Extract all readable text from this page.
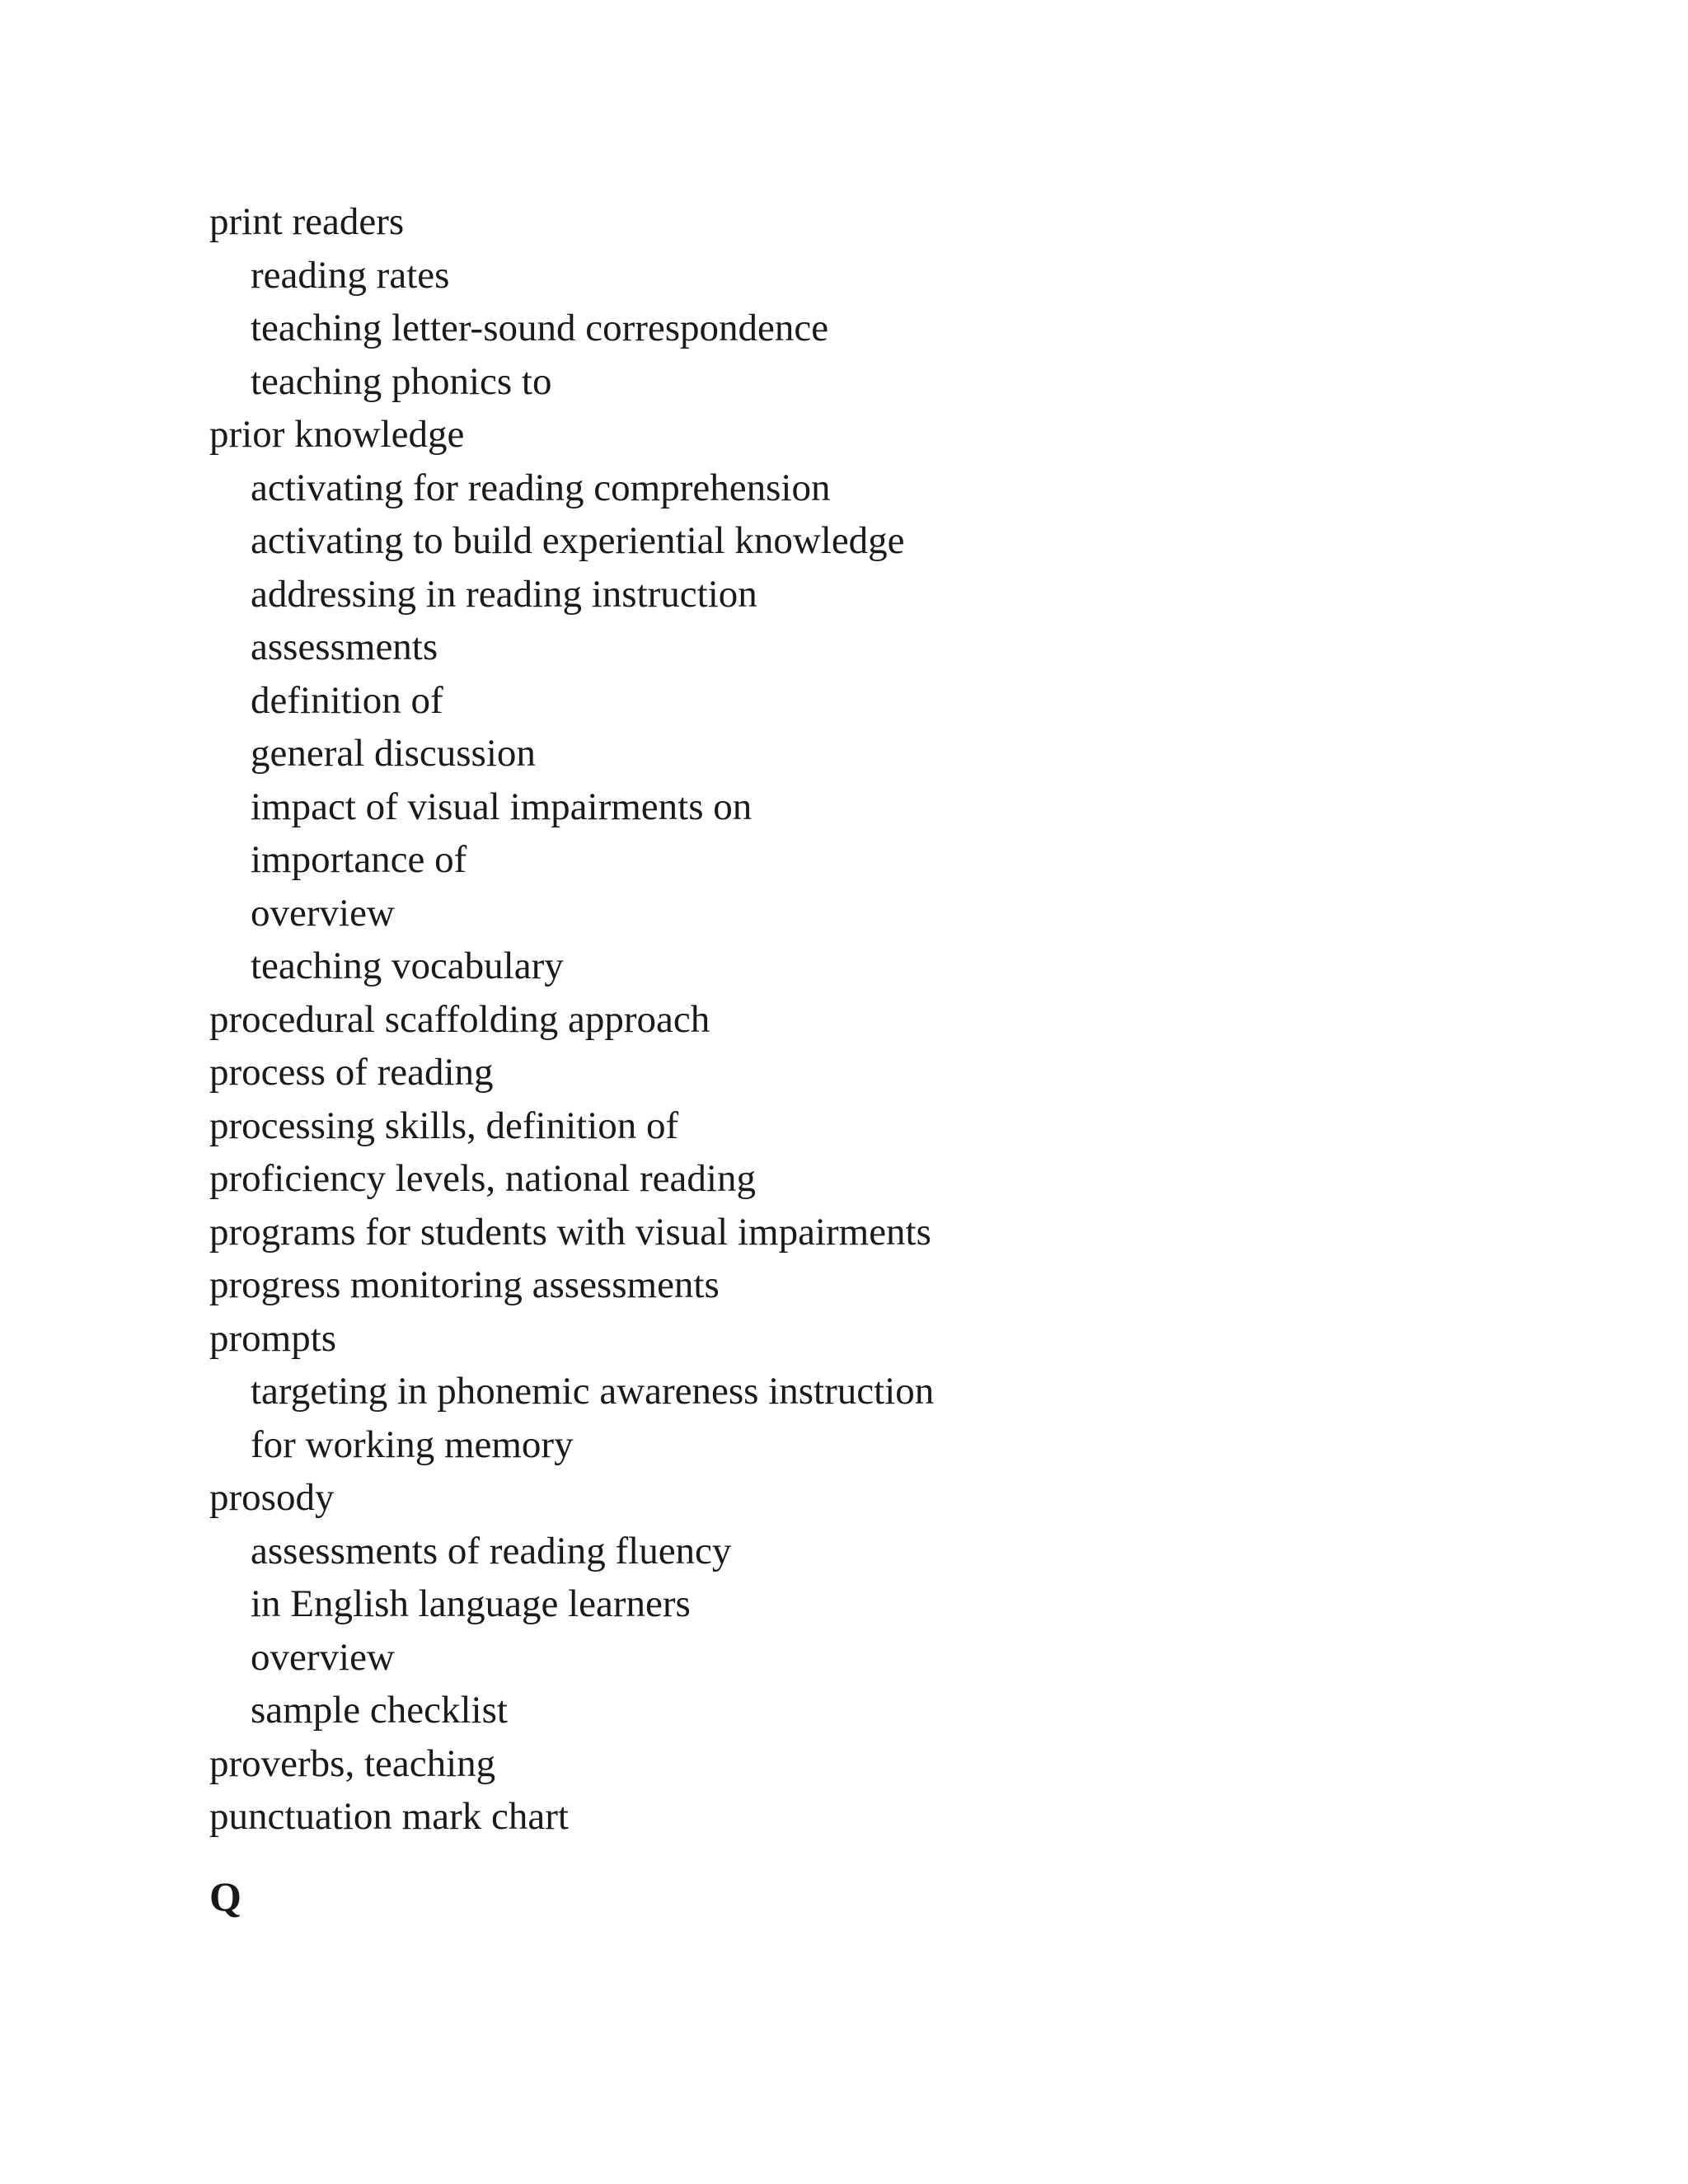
print readers
reading rates
teaching letter-sound correspondence
teaching phonics to
prior knowledge
activating for reading comprehension
activating to build experiential knowledge
addressing in reading instruction
assessments
definition of
general discussion
impact of visual impairments on
importance of
overview
teaching vocabulary
procedural scaffolding approach
process of reading
processing skills, definition of
proficiency levels, national reading
programs for students with visual impairments
progress monitoring assessments
prompts
targeting in phonemic awareness instruction
for working memory
prosody
assessments of reading fluency
in English language learners
overview
sample checklist
proverbs, teaching
punctuation mark chart
Q
